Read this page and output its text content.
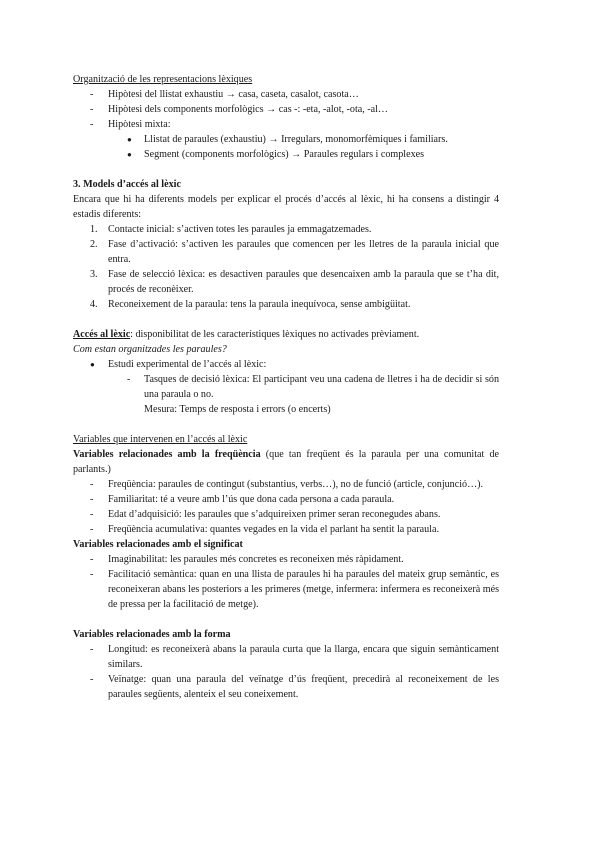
Organització de les representacions lèxiques
- Hipòtesi del llistat exhaustiu → casa, caseta, casalot, casota…
- Hipòtesi dels components morfològics → cas -: -eta, -alot, -ota, -al…
- Hipòtesi mixta:
● Llistat de paraules (exhaustiu) → Irregulars, monomorfèmiques i familiars.
● Segment (components morfològics) → Paraules regulars i complexes
3. Models d’accés al lèxic
Encara que hi ha diferents models per explicar el procés d’accés al lèxic, hi ha consens a distingir 4 estadis diferents:
1. Contacte inicial: s’activen totes les paraules ja emmagatzemades.
2. Fase d’activació: s’activen les paraules que comencen per les lletres de la paraula inicial que entra.
3. Fase de selecció lèxica: es desactiven paraules que desencaixen amb la paraula que se t’ha dit, procés de reconèixer.
4. Reconeixement de la paraula: tens la paraula inequívoca, sense ambigüitat.
Accés al lèxic: disponibilitat de les característiques lèxiques no activades prèviament.
Com estan organitzades les paraules?
● Estudi experimental de l’accés al lèxic:
- Tasques de decisió lèxica: El participant veu una cadena de lletres i ha de decidir si són una paraula o no.
Mesura: Temps de resposta i errors (o encerts)
Variables que intervenen en l’accés al lèxic
Variables relacionades amb la freqüència (que tan freqüent és la paraula per una comunitat de parlants.)
- Freqüència: paraules de contingut (substantius, verbs…), no de funció (article, conjunció…).
- Familiaritat: té a veure amb l’ús que dona cada persona a cada paraula.
- Edat d’adquisició: les paraules que s’adquireixen primer seran reconegudes abans.
- Freqüència acumulativa: quantes vegades en la vida el parlant ha sentit la paraula.
Variables relacionades amb el significat
- Imaginabilitat: les paraules més concretes es reconeixen més ràpidament.
- Facilitació semàntica: quan en una llista de paraules hi ha paraules del mateix grup semàntic, es reconeixeran abans les posteriors a les primeres (metge, infermera: infermera es reconeixerà més de pressa per la facilitació de metge).
Variables relacionades amb la forma
- Longitud: es reconeixerà abans la paraula curta que la llarga, encara que siguin semànticament similars.
- Veïnatge: quan una paraula del veïnatge d’ús freqüent, precedirà al reconeixement de les paraules següents, alenteix el seu coneixement.
